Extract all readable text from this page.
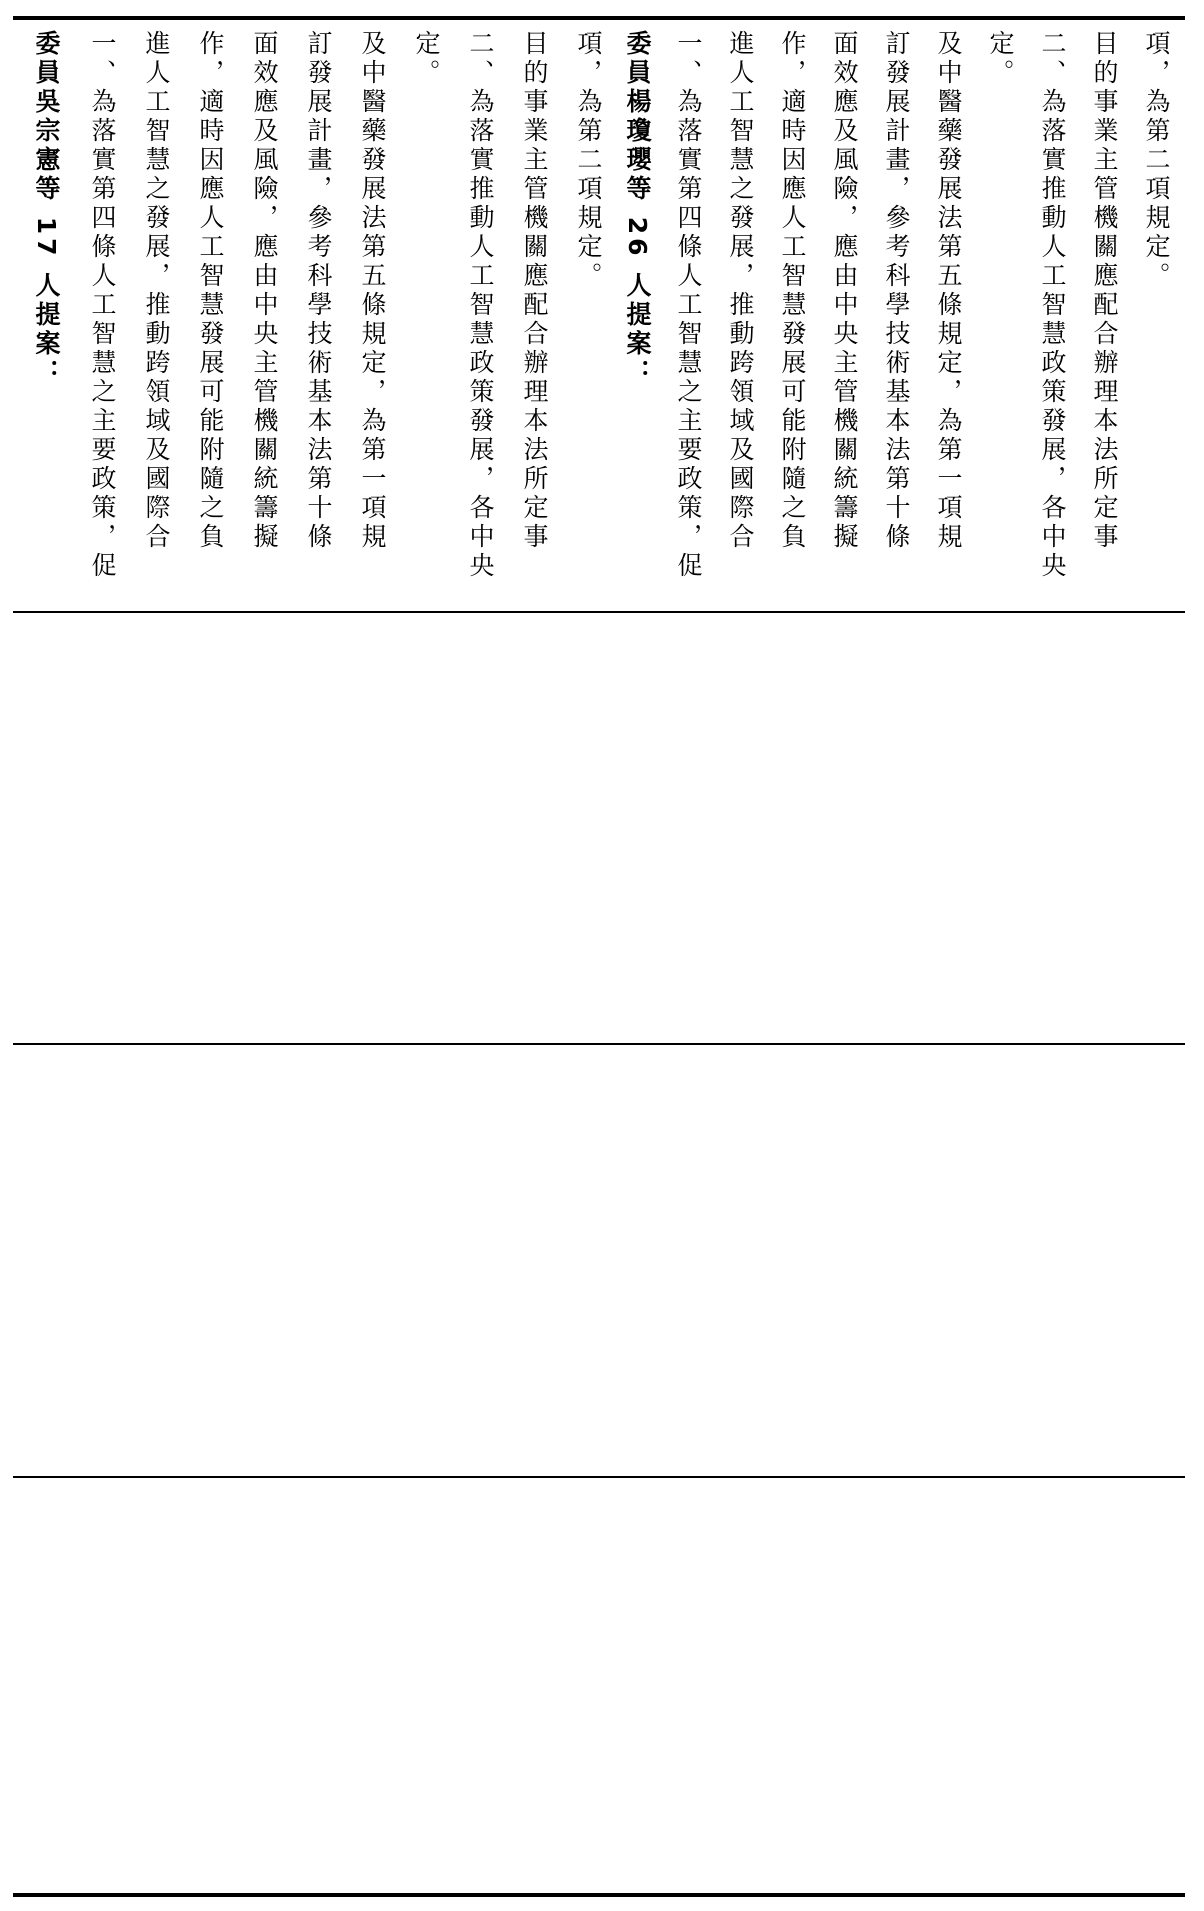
委員吳宗憲等 17 人提案： 一、為落實第四條人工智慧之主要政策，促 進人工智慧之發展，推動跨領域及國際合 作，適時因應人工智慧發展可能附隨之負 面效應及風險，應由中央主管機關統籌擬 訂發展計畫，參考科學技術基本法第十條 及中醫藥發展法第五條規定，為第一項規 定。 二、為落實推動人工智慧政策發展，各中央 目的事業主管機關應配合辦理本法所定事 項，為第二項規定。 委員楊瓊瓔等 26 人提案： 一、為落實第四條人工智慧之主要政策，促 進人工智慧之發展，推動跨領域及國際合 作，適時因應人工智慧發展可能附隨之負 面效應及風險，應由中央主管機關統籌擬 訂發展計畫，參考科學技術基本法第十條 及中醫藥發展法第五條規定，為第一項規 定。 二、為落實推動人工智慧政策發展，各中央 目的事業主管機關應配合辦理本法所定事 項，為第二項規定。
